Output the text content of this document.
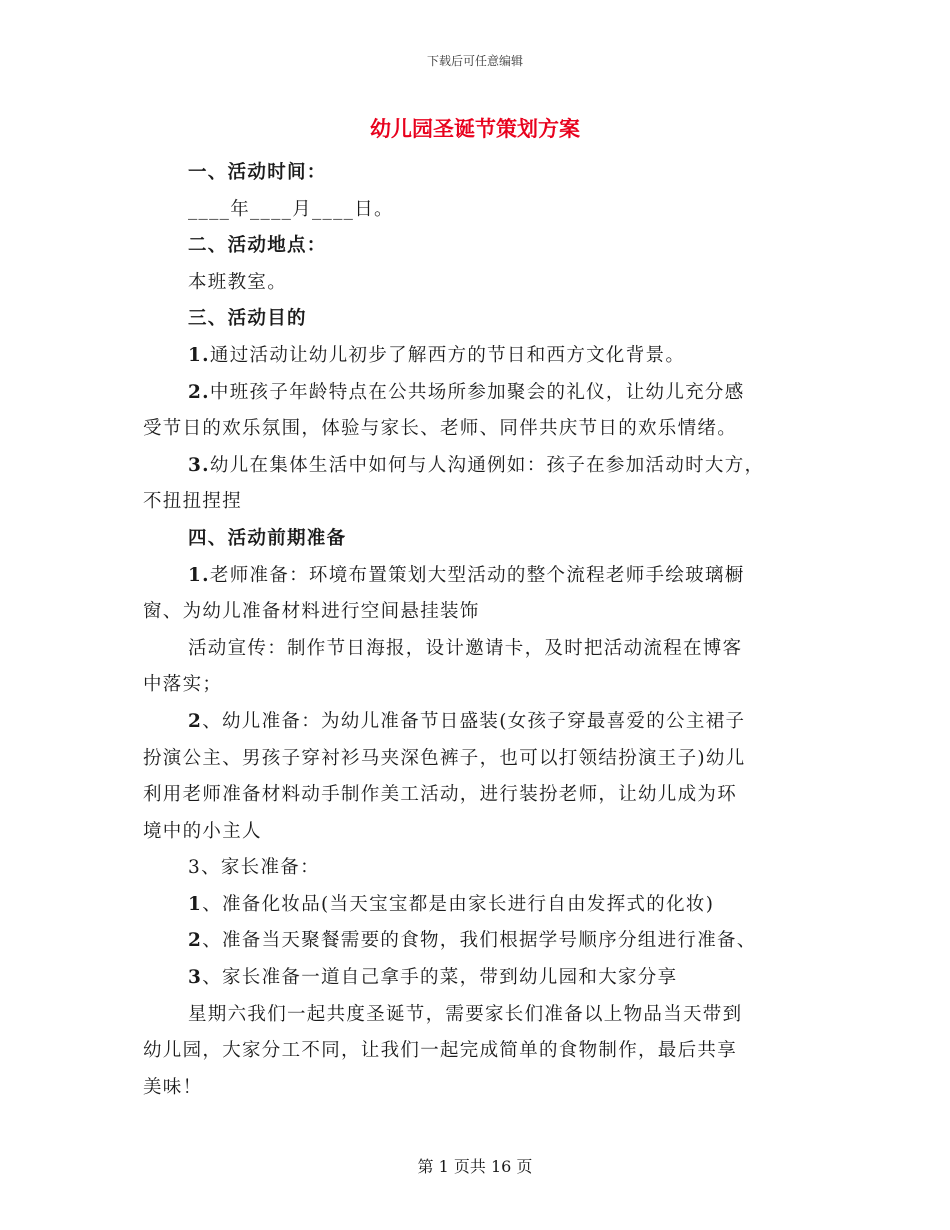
下载后可任意编辑
幼儿园圣诞节策划方案
一、活动时间：
____年____月____日。
二、活动地点：
本班教室。
三、活动目的
1.通过活动让幼儿初步了解西方的节日和西方文化背景。
2.中班孩子年龄特点在公共场所参加聚会的礼仪，让幼儿充分感
受节日的欢乐氛围，体验与家长、老师、同伴共庆节日的欢乐情绪。
3.幼儿在集体生活中如何与人沟通例如：孩子在参加活动时大方，
不扭扭捏捏
四、活动前期准备
1.老师准备：环境布置策划大型活动的整个流程老师手绘玻璃橱
窗、为幼儿准备材料进行空间悬挂装饰
活动宣传：制作节日海报，设计邀请卡，及时把活动流程在博客
中落实；
2、幼儿准备：为幼儿准备节日盛装(女孩子穿最喜爱的公主裙子
扮演公主、男孩子穿衬衫马夹深色裤子，也可以打领结扮演王子)幼儿
利用老师准备材料动手制作美工活动，进行装扮老师，让幼儿成为环
境中的小主人
3、家长准备：
1、准备化妆品(当天宝宝都是由家长进行自由发挥式的化妆)
2、准备当天聚餐需要的食物，我们根据学号顺序分组进行准备、
3、家长准备一道自己拿手的菜，带到幼儿园和大家分享
星期六我们一起共度圣诞节，需要家长们准备以上物品当天带到
幼儿园，大家分工不同，让我们一起完成简单的食物制作，最后共享
美味！
第 1 页共 16 页
